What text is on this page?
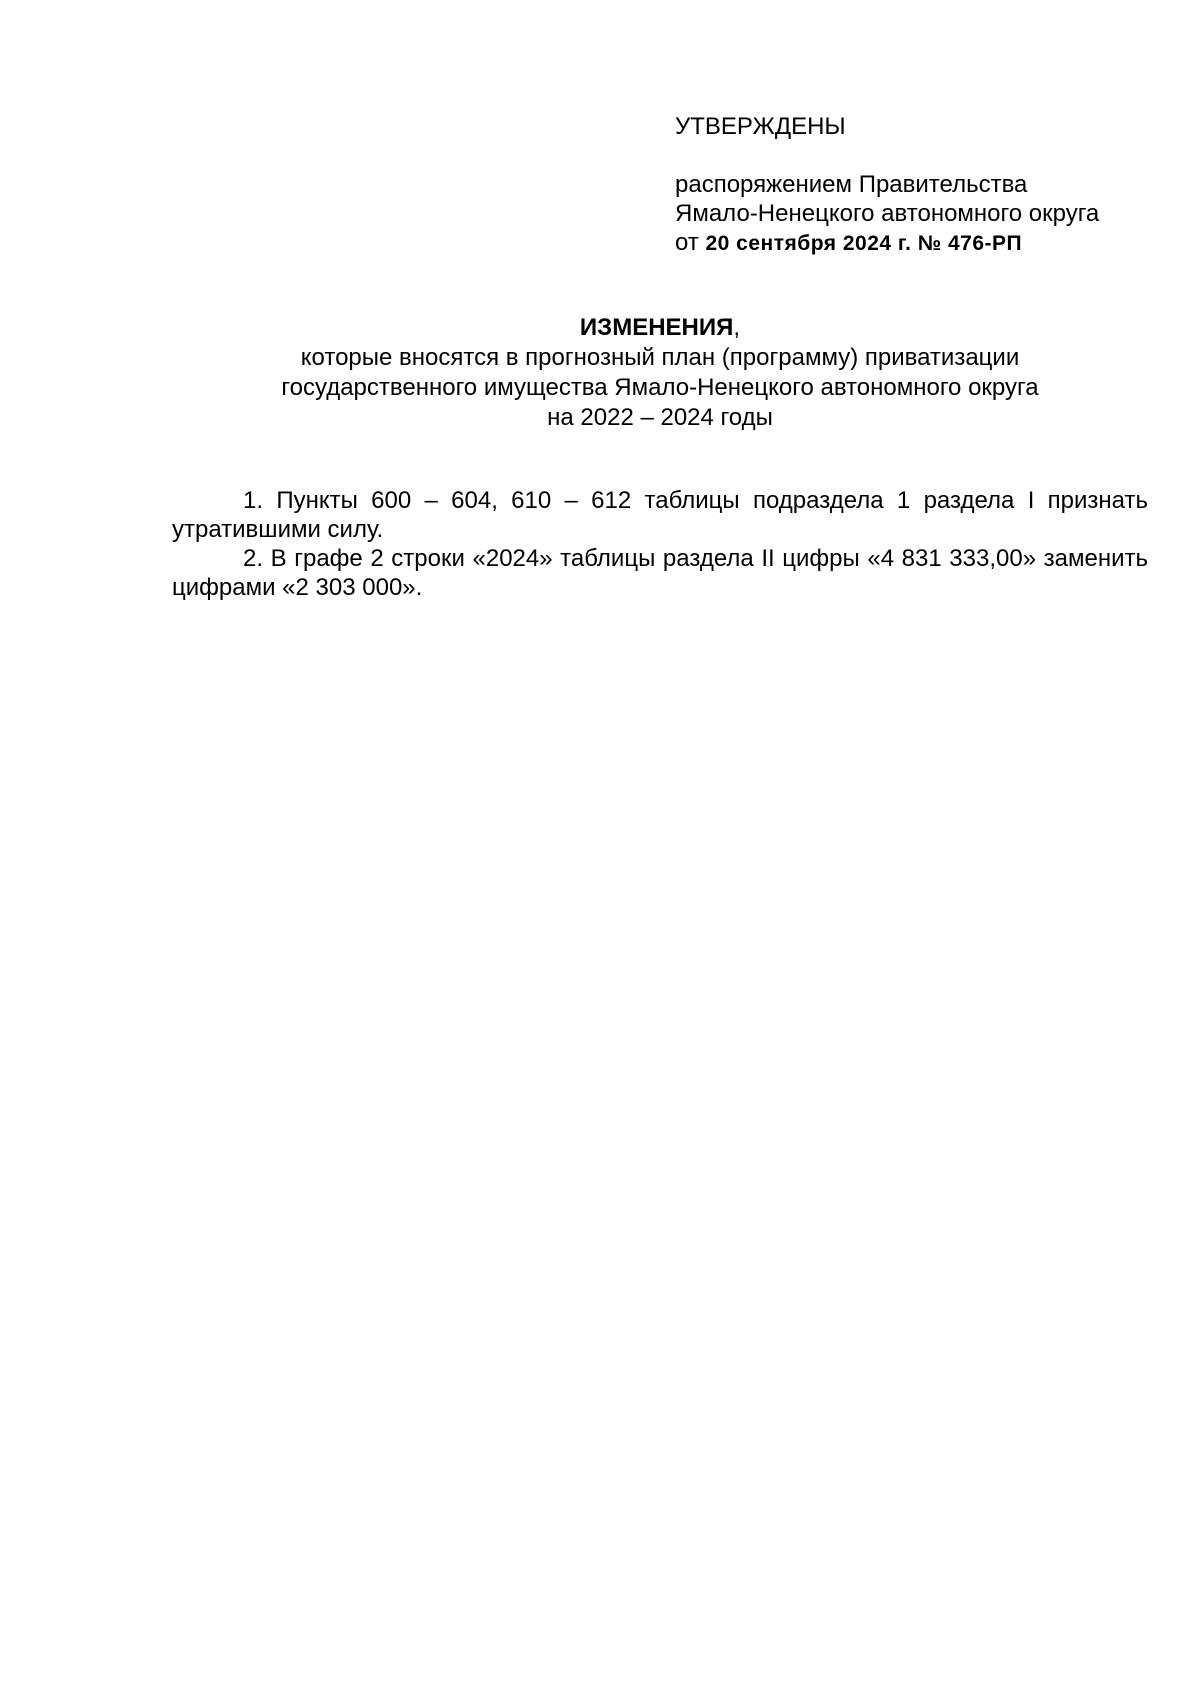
УТВЕРЖДЕНЫ
распоряжением Правительства
Ямало-Ненецкого автономного округа
от 20 сентября 2024 г. № 476-РП
ИЗМЕНЕНИЯ,
которые вносятся в прогнозный план (программу) приватизации
государственного имущества Ямало-Ненецкого автономного округа
на 2022 – 2024 годы

1. Пункты 600 – 604, 610 – 612 таблицы подраздела 1 раздела I признать утратившими силу.

2. В графе 2 строки «2024» таблицы раздела II цифры «4 831 333,00» заменить цифрами «2 303 000».
